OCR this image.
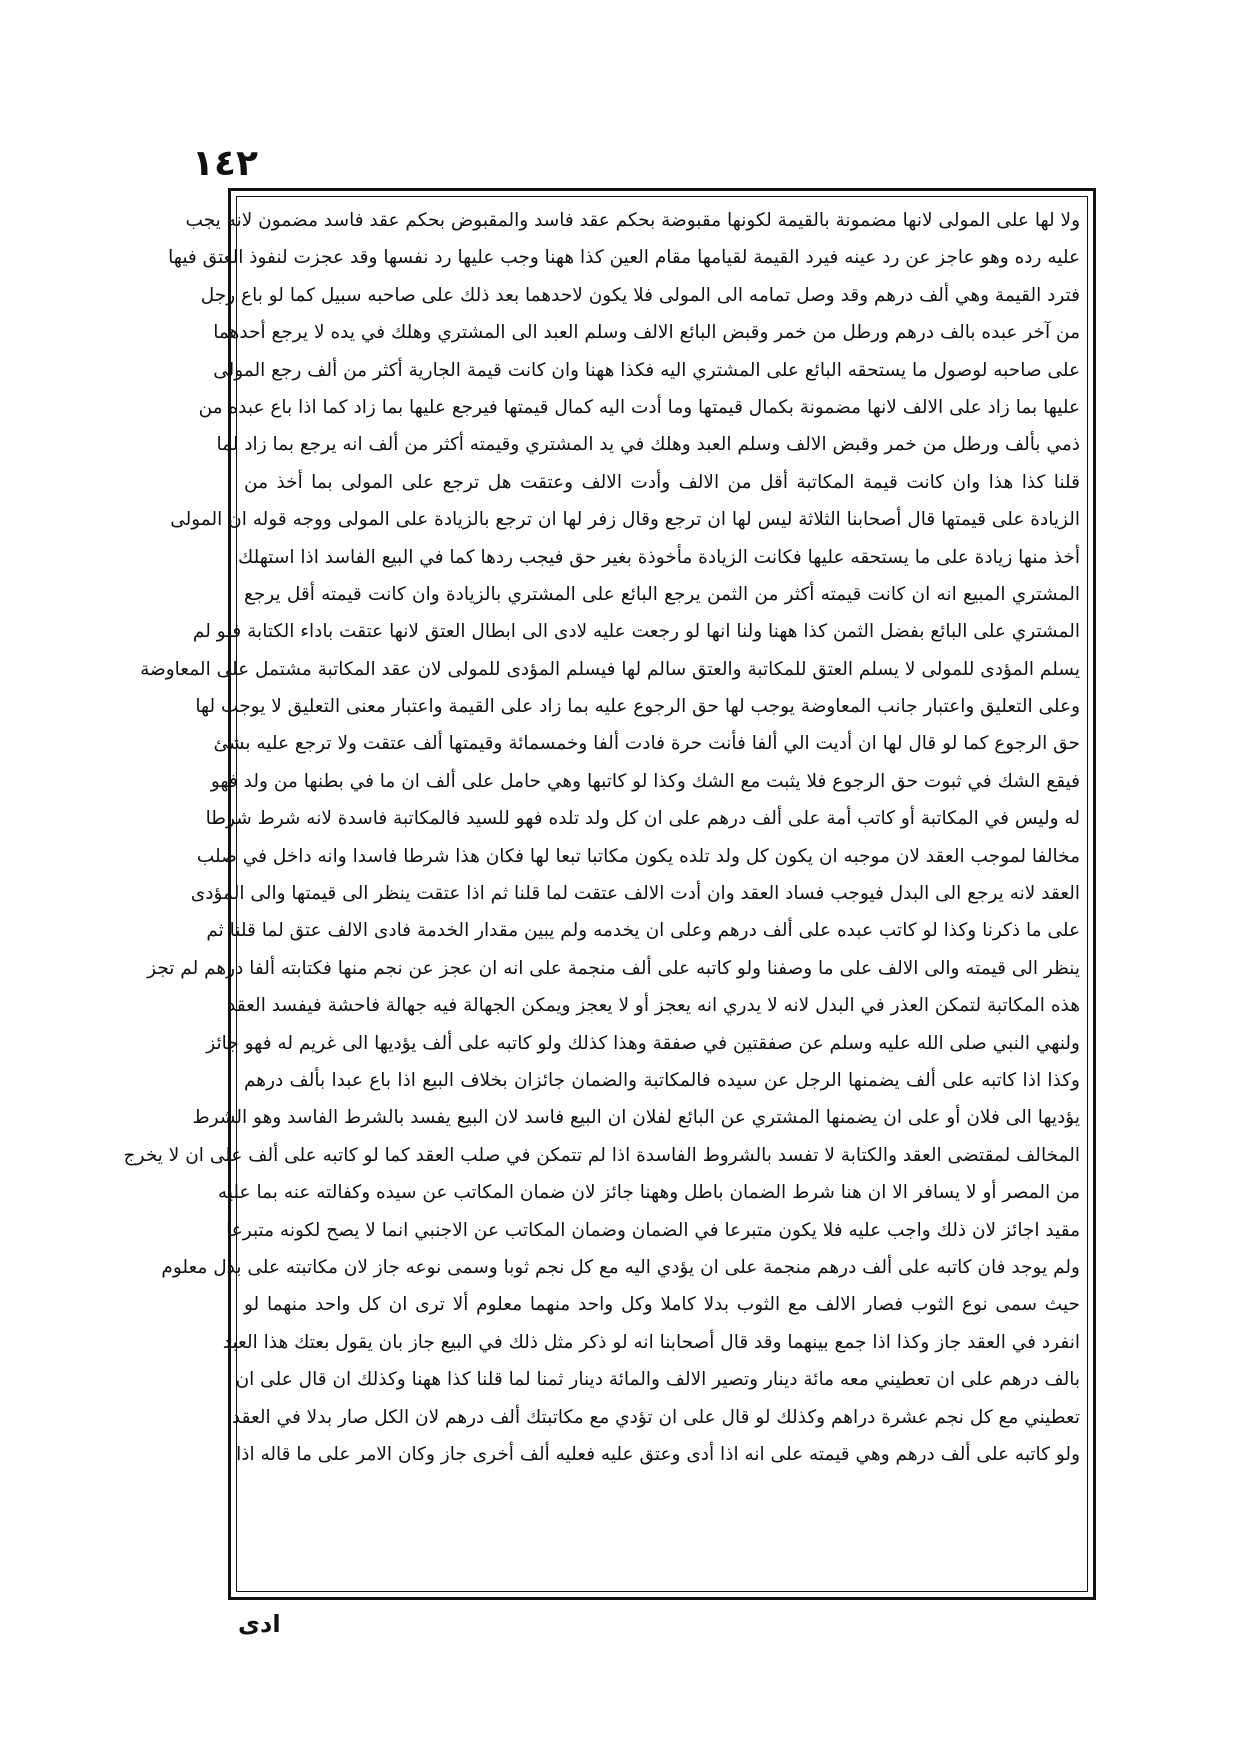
١٤٢
ولا لها على المولى لانها مضمونة بالقيمة لكونها مقبوضة بحكم عقد فاسد والمقبوض بحكم عقد فاسد مضمون لانه يجب
عليه رده وهو عاجز عن رد عينه فيرد القيمة لقيامها مقام العين كذا ههنا وجب عليها رد نفسها وقد عجزت لنفوذ العتق فيها
فترد القيمة وهي ألف درهم وقد وصل تمامه الى المولى فلا يكون لاحدهما بعد ذلك على صاحبه سبيل كما لو باع رجل
من آخر عبده بالف درهم ورطل من خمر وقبض البائع الالف وسلم العبد الى المشتري وهلك في يده لا يرجع أحدهما
على صاحبه لوصول ما يستحقه البائع على المشتري اليه فكذا ههنا وان كانت قيمة الجارية أكثر من ألف رجع المولى
عليها بما زاد على الالف لانها مضمونة بكمال قيمتها وما أدت اليه كمال قيمتها فيرجع عليها بما زاد كما اذا باع عبده من
ذمي بألف ورطل من خمر وقبض الالف وسلم العبد وهلك في يد المشتري وقيمته أكثر من ألف انه يرجع بما زاد لما
قلنا كذا هذا وان كانت قيمة المكاتبة أقل من الالف وأدت الالف وعتقت هل ترجع على المولى بما أخذ من
الزيادة على قيمتها قال أصحابنا الثلاثة ليس لها ان ترجع وقال زفر لها ان ترجع بالزيادة على المولى ووجه قوله ان المولى
أخذ منها زيادة على ما يستحقه عليها فكانت الزيادة مأخوذة بغير حق فيجب ردها كما في البيع الفاسد اذا استهلك
المشتري المبيع انه ان كانت قيمته أكثر من الثمن يرجع البائع على المشتري بالزيادة وان كانت قيمته أقل يرجع
المشتري على البائع بفضل الثمن كذا ههنا ولنا انها لو رجعت عليه لادى الى ابطال العتق لانها عتقت باداء الكتابة فلو لم
يسلم المؤدى للمولى لا يسلم العتق للمكاتبة والعتق سالم لها فيسلم المؤدى للمولى لان عقد المكاتبة مشتمل على المعاوضة
وعلى التعليق واعتبار جانب المعاوضة يوجب لها حق الرجوع عليه بما زاد على القيمة واعتبار معنى التعليق لا يوجب لها
حق الرجوع كما لو قال لها ان أديت الي ألفا فأنت حرة فادت ألفا وخمسمائة وقيمتها ألف عتقت ولا ترجع عليه بشئ
فيقع الشك في ثبوت حق الرجوع فلا يثبت مع الشك وكذا لو كاتبها وهي حامل على ألف ان ما في بطنها من ولد فهو
له وليس في المكاتبة أو كاتب أمة على ألف درهم على ان كل ولد تلده فهو للسيد فالمكاتبة فاسدة لانه شرط شرطا
مخالفا لموجب العقد لان موجبه ان يكون كل ولد تلده يكون مكاتبا تبعا لها فكان هذا شرطا فاسدا وانه داخل في صلب
العقد لانه يرجع الى البدل فيوجب فساد العقد وان أدت الالف عتقت لما قلنا ثم اذا عتقت ينظر الى قيمتها والى المؤدى
على ما ذكرنا وكذا لو كاتب عبده على ألف درهم وعلى ان يخدمه ولم يبين مقدار الخدمة فادى الالف عتق لما قلنا ثم
ينظر الى قيمته والى الالف على ما وصفنا ولو كاتبه على ألف منجمة على انه ان عجز عن نجم منها فكتابته ألفا درهم لم تجز
هذه المكاتبة لتمكن العذر في البدل لانه لا يدري انه يعجز أو لا يعجز ويمكن الجهالة فيه جهالة فاحشة فيفسد العقد
ولنهي النبي صلى الله عليه وسلم عن صفقتين في صفقة وهذا كذلك ولو كاتبه على ألف يؤديها الى غريم له فهو جائز
وكذا اذا كاتبه على ألف يضمنها الرجل عن سيده فالمكاتبة والضمان جائزان بخلاف البيع اذا باع عبدا بألف درهم
يؤديها الى فلان أو على ان يضمنها المشتري عن البائع لفلان ان البيع فاسد لان البيع يفسد بالشرط الفاسد وهو الشرط
المخالف لمقتضى العقد والكتابة لا تفسد بالشروط الفاسدة اذا لم تتمكن في صلب العقد كما لو كاتبه على ألف على ان لا يخرج
من المصر أو لا يسافر الا ان هنا شرط الضمان باطل وههنا جائز لان ضمان المكاتب عن سيده وكفالته عنه بما عليه
مقيد اجائز لان ذلك واجب عليه فلا يكون متبرعا في الضمان وضمان المكاتب عن الاجنبي انما لا يصح لكونه متبرعا
ولم يوجد فان كاتبه على ألف درهم منجمة على ان يؤدي اليه مع كل نجم ثوبا وسمى نوعه جاز لان مكاتبته على بدل معلوم
حيث سمى نوع الثوب فصار الالف مع الثوب بدلا كاملا وكل واحد منهما معلوم ألا ترى ان كل واحد منهما لو
انفرد في العقد جاز وكذا اذا جمع بينهما وقد قال أصحابنا انه لو ذكر مثل ذلك في البيع جاز بان يقول بعتك هذا العبد
بالف درهم على ان تعطيني معه مائة دينار وتصير الالف والمائة دينار ثمنا لما قلنا كذا ههنا وكذلك ان قال على ان
تعطيني مع كل نجم عشرة دراهم وكذلك لو قال على ان تؤدي مع مكاتبتك ألف درهم لان الكل صار بدلا في العقد
ولو كاتبه على ألف درهم وهي قيمته على انه اذا أدى وعتق عليه فعليه ألف أخرى جاز وكان الامر على ما قاله اذا
ادى
